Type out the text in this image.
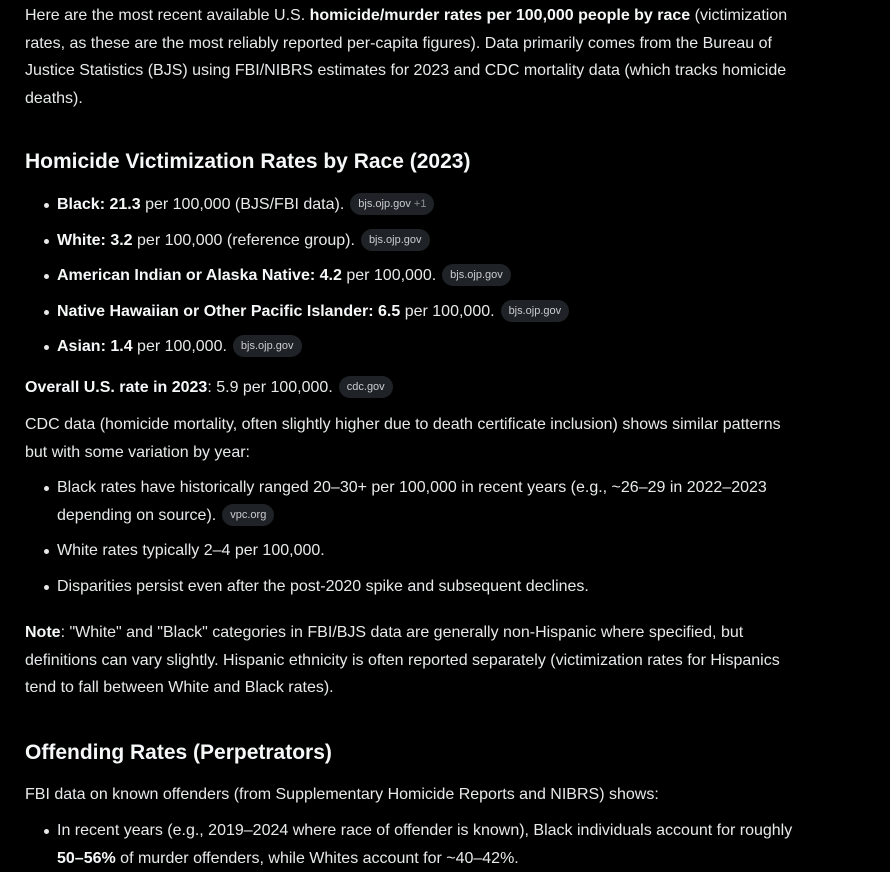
Here are the most recent available U.S. homicide/murder rates per 100,000 people by race (victimization rates, as these are the most reliably reported per-capita figures). Data primarily comes from the Bureau of Justice Statistics (BJS) using FBI/NIBRS estimates for 2023 and CDC mortality data (which tracks homicide deaths).

Homicide Victimization Rates by Race (2023)
Black: 21.3 per 100,000 (BJS/FBI data). bjs.ojp.gov +1
White: 3.2 per 100,000 (reference group). bjs.ojp.gov
American Indian or Alaska Native: 4.2 per 100,000. bjs.ojp.gov
Native Hawaiian or Other Pacific Islander: 6.5 per 100,000. bjs.ojp.gov
Asian: 1.4 per 100,000. bjs.ojp.gov

Overall U.S. rate in 2023: 5.9 per 100,000. cdc.gov

CDC data (homicide mortality, often slightly higher due to death certificate inclusion) shows similar patterns but with some variation by year:

Black rates have historically ranged 20–30+ per 100,000 in recent years (e.g., ~26–29 in 2022–2023 depending on source). vpc.org
White rates typically 2–4 per 100,000.
Disparities persist even after the post-2020 spike and subsequent declines.

Note: "White" and "Black" categories in FBI/BJS data are generally non-Hispanic where specified, but definitions can vary slightly. Hispanic ethnicity is often reported separately (victimization rates for Hispanics tend to fall between White and Black rates).

Offending Rates (Perpetrators)

FBI data on known offenders (from Supplementary Homicide Reports and NIBRS) shows:

In recent years (e.g., 2019–2024 where race of offender is known), Black individuals account for roughly 50–56% of murder offenders, while Whites account for ~40–42%.
